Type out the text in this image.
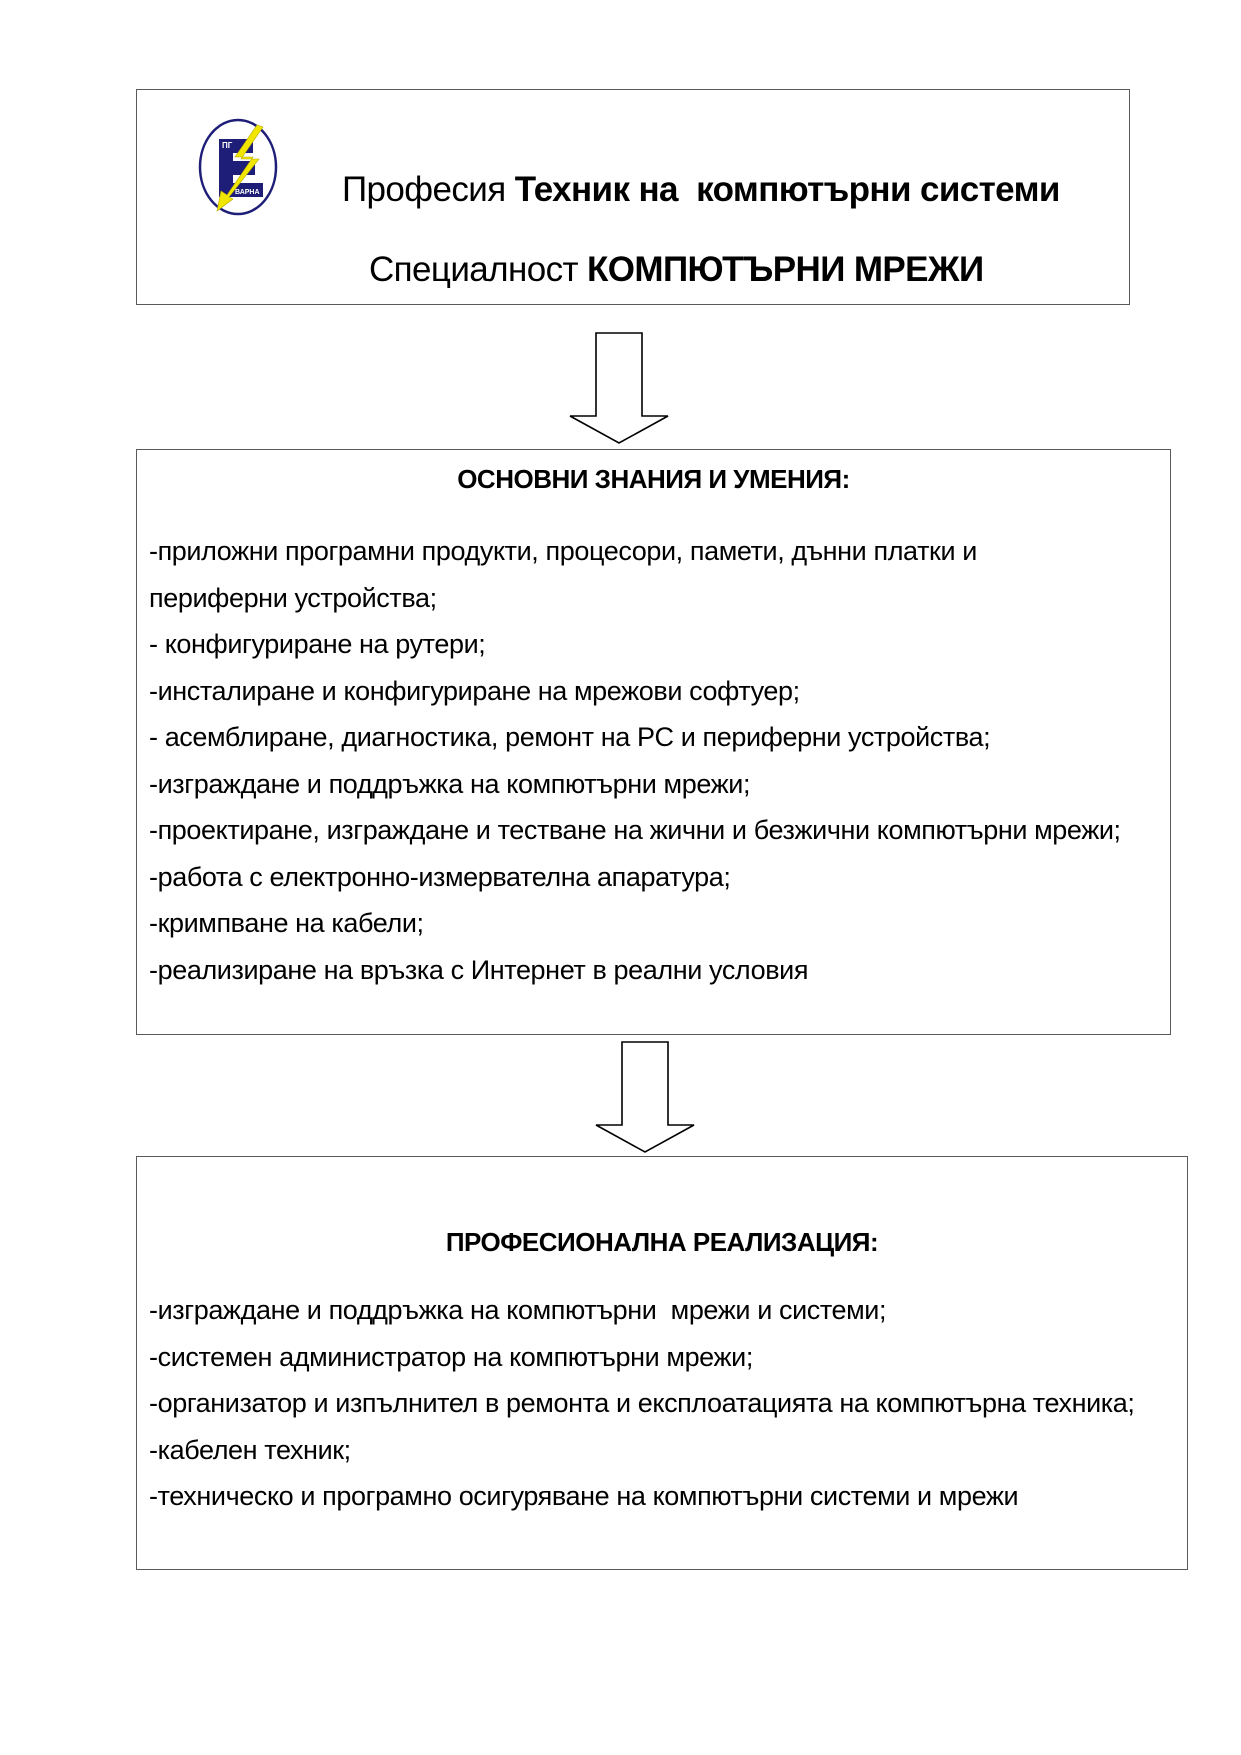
ПГ
ВАРНА Професия Техник на  компютърни системи
Специалност КОМПЮТЪРНИ МРЕЖИ
ОСНОВНИ ЗНАНИЯ И УМЕНИЯ:
-приложни програмни продукти, процесори, памети, дънни платки и периферни устройства;
- конфигуриране на рутери;
-инсталиране и конфигуриране на мрежови софтуер;
- асемблиране, диагностика, ремонт на PC и периферни устройства;
-изграждане и поддръжка на компютърни мрежи;
-проектиране, изграждане и тестване на жични и безжични компютърни мрежи;
-работа с електронно-измервателна апаратура;
-кримпване на кабели;
-реализиране на връзка с Интернет в реални условия
ПРОФЕСИОНАЛНА РЕАЛИЗАЦИЯ:
-изграждане и поддръжка на компютърни  мрежи и системи;
-системен администратор на компютърни мрежи;
-организатор и изпълнител в ремонта и експлоатацията на компютърна техника;
-кабелен техник;
-техническо и програмно осигуряване на компютърни системи и мрежи
